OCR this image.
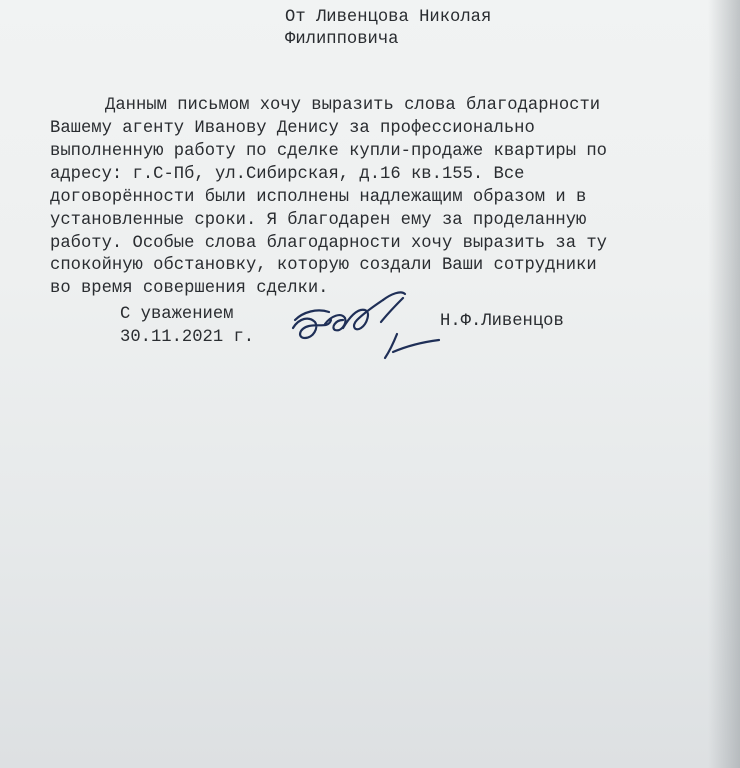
От Ливенцова Николая
Филипповича
Данным письмом хочу выразить слова благодарности
Вашему агенту Иванову Денису за профессионально
выполненную работу по сделке купли-продаже квартиры по
адресу: г.С-Пб, ул.Сибирская, д.16 кв.155. Все
договорённости были исполнены надлежащим образом и в
установленные сроки. Я благодарен ему за проделанную
работу. Особые слова благодарности хочу выразить за ту
спокойную обстановку, которую создали Ваши сотрудники
во время совершения сделки.
С уважением
30.11.2021 г.
Н.Ф.Ливенцов
